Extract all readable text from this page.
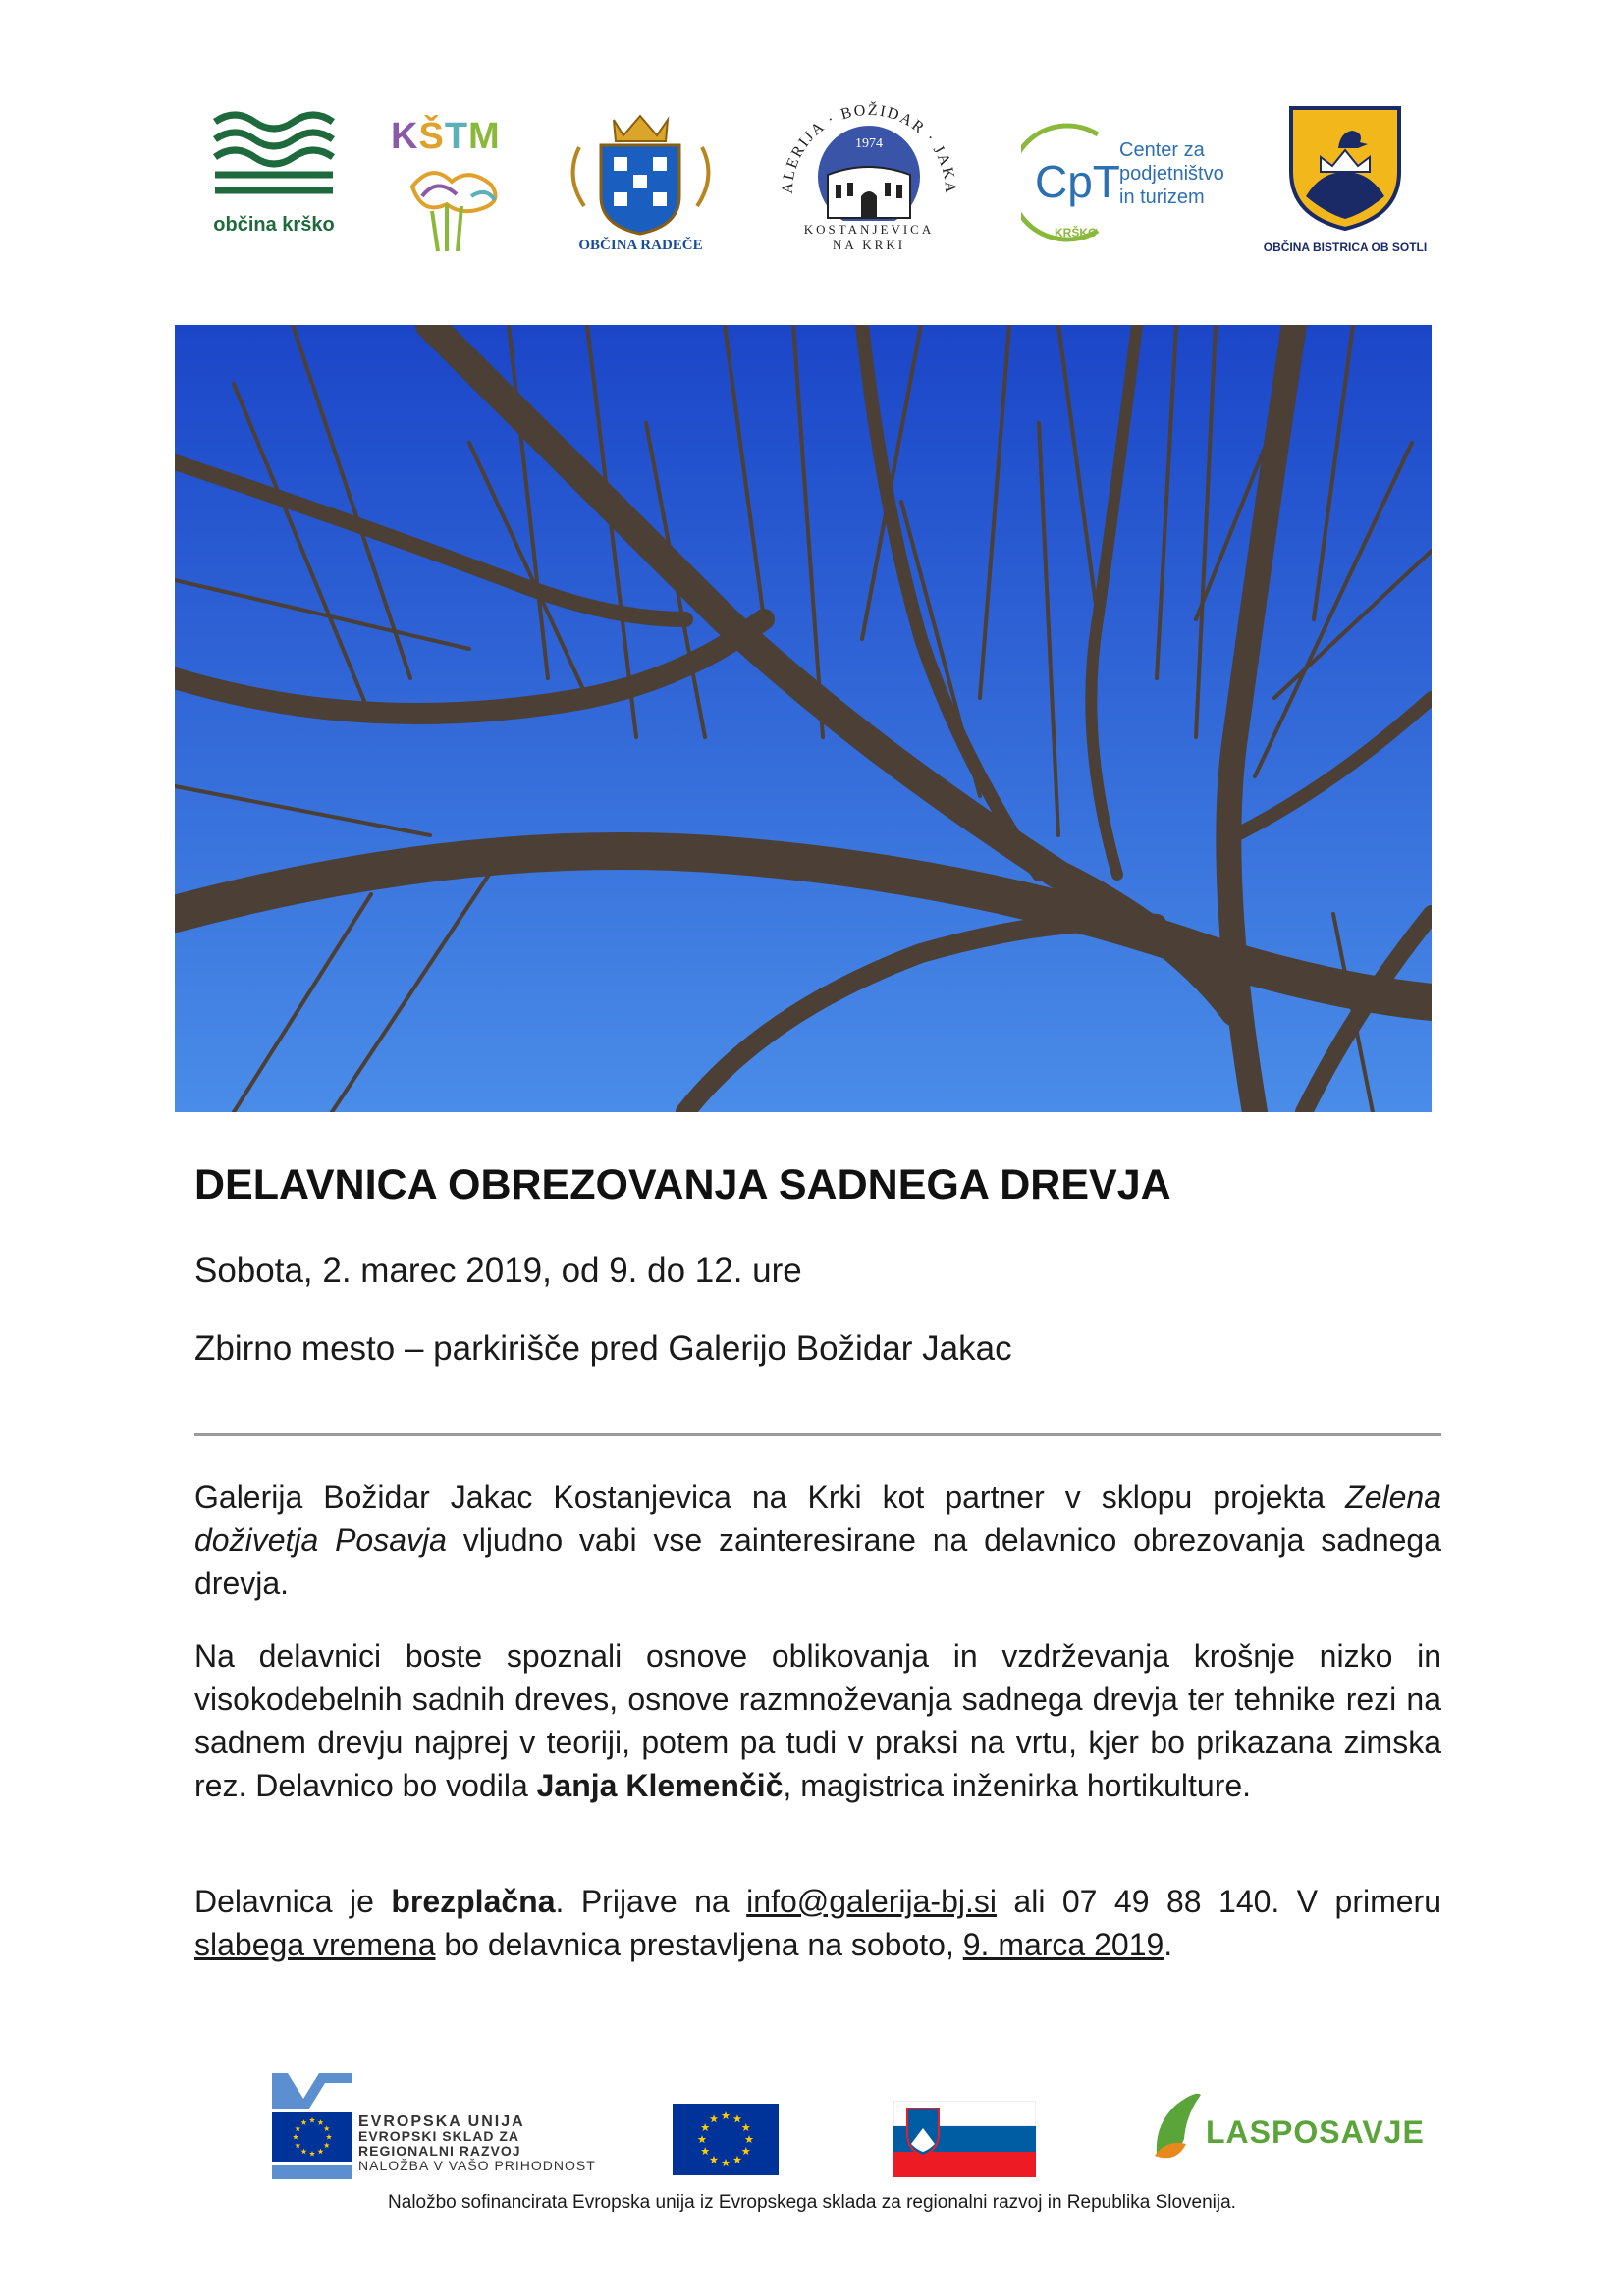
občina krško
KŠTM
OBČINA RADEČE
ALERIJA · BOŽIDAR · JAKA
1974
KOSTANJEVICA
NA KRKI
CpT
KRŠKO
Center za
podjetništvo
in turizem
OBČINA BISTRICA OB SOTLI
DELAVNICA OBREZOVANJA SADNEGA DREVJA

Sobota, 2. marec 2019, od 9. do 12. ure

Zbirno mesto – parkirišče pred Galerijo Božidar Jakac

Galerija Božidar Jakac Kostanjevica na Krki kot partner v sklopu projekta Zelena doživetja Posavja vljudno vabi vse zainteresirane na delavnico obrezovanja sadnega drevja.

Na delavnici boste spoznali osnove oblikovanja in vzdrževanja krošnje nizko in visokodebelnih sadnih dreves, osnove razmnoževanja sadnega drevja ter tehnike rezi na sadnem drevju najprej v teoriji, potem pa tudi v praksi na vrtu, kjer bo prikazana zimska rez. Delavnico bo vodila Janja Klemenčič, magistrica inženirka hortikulture.

Delavnica je brezplačna. Prijave na info@galerija-bj.si ali 07 49 88 140. V primeru slabega vremena bo delavnica prestavljena na soboto, 9. marca 2019.

EVROPSKA UNIJA
EVROPSKI SKLAD ZA
REGIONALNI RAZVOJ
NALOŽBA V VAŠO PRIHODNOST
LASPOSAVJE

Naložbo sofinancirata Evropska unija iz Evropskega sklada za regionalni razvoj in Republika Slovenija.
